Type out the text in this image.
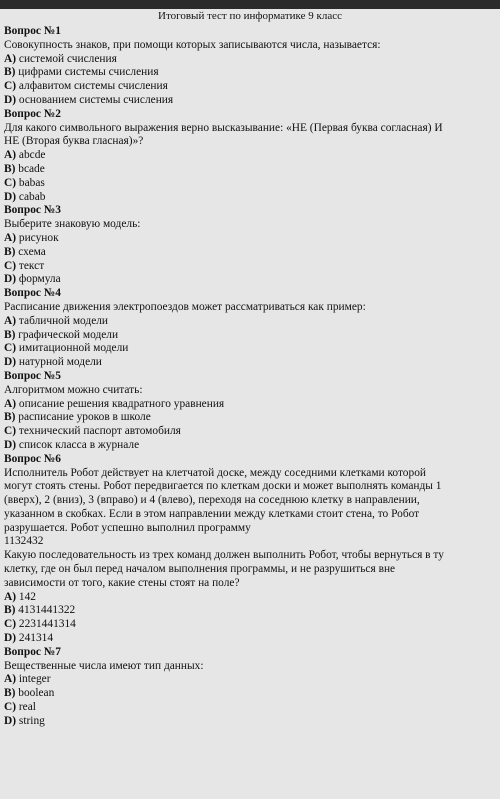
Итоговый тест по информатике 9 класс
Вопрос №1
Совокупность знаков, при помощи которых записываются числа, называется:
A) системой счисления
B) цифрами системы счисления
C) алфавитом системы счисления
D) основанием системы счисления
Вопрос №2
Для какого символьного выражения верно высказывание: «НЕ (Первая буква согласная) И
НЕ (Вторая буква гласная)»?
A) abcde
B) bcade
C) babas
D) cabab
Вопрос №3
Выберите знаковую модель:
A) рисунок
B) схема
C) текст
D) формула
Вопрос №4
Расписание движения электропоездов может рассматриваться как пример:
A) табличной модели
B) графической модели
C) имитационной модели
D) натурной модели
Вопрос №5
Алгоритмом можно считать:
A) описание решения квадратного уравнения
B) расписание уроков в школе
C) технический паспорт автомобиля
D) список класса в журнале
Вопрос №6
Исполнитель Робот действует на клетчатой доске, между соседними клетками которой
могут стоять стены. Робот передвигается по клеткам доски и может выполнять команды 1
(вверх), 2 (вниз), 3 (вправо) и 4 (влево), переходя на соседнюю клетку в направлении,
указанном в скобках. Если в этом направлении между клетками стоит стена, то Робот
разрушается. Робот успешно выполнил программу
1132432
Какую последовательность из трех команд должен выполнить Робот, чтобы вернуться в ту
клетку, где он был перед началом выполнения программы, и не разрушиться вне
зависимости от того, какие стены стоят на поле?
A) 142
B) 4131441322
C) 2231441314
D) 241314
Вопрос №7
Вещественные числа имеют тип данных:
A) integer
B) boolean
C) real
D) string
